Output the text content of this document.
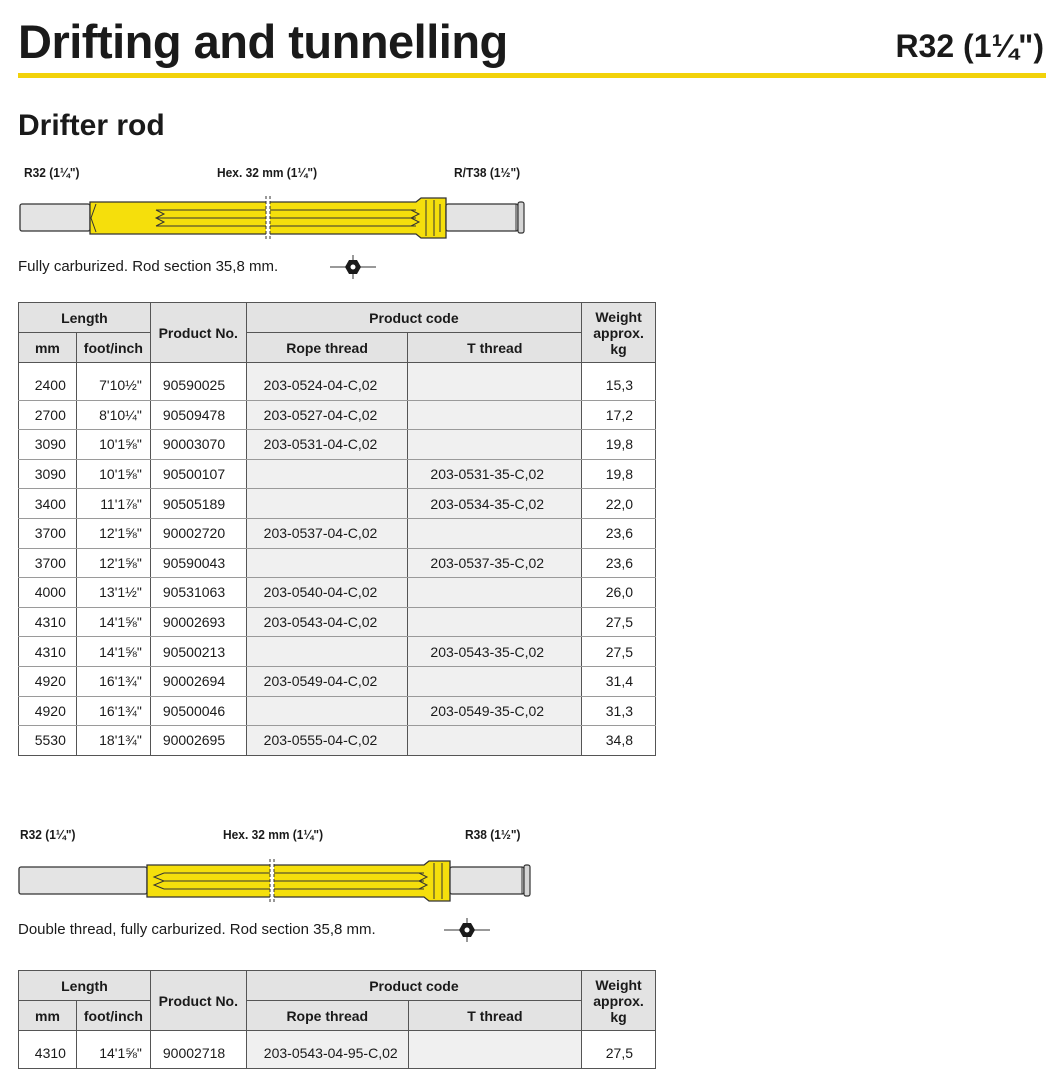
Drifting and tunnelling	R32 (1¼")
Drifter rod
R32 (1¼")	Hex. 32 mm (1¼")	R/T38 (1½")
Fully carburized. Rod section 35,8 mm.
Length		Product No.	Product code		Weight
approx. kg

mm	foot/inch		Rope thread	T thread	

2400	7'10½"	90590025	203-0524-04-C,02		15,3
2700	8'10¼"	90509478	203-0527-04-C,02		17,2
3090	10'1⅝"	90003070	203-0531-04-C,02		19,8
3090	10'1⅝"	90500107		203-0531-35-C,02	19,8
3400	11'1⅞"	90505189		203-0534-35-C,02	22,0
3700	12'1⅝"	90002720	203-0537-04-C,02		23,6
3700	12'1⅝"	90590043		203-0537-35-C,02	23,6
4000	13'1½"	90531063	203-0540-04-C,02		26,0
4310	14'1⅝"	90002693	203-0543-04-C,02		27,5
4310	14'1⅝"	90500213		203-0543-35-C,02	27,5
4920	16'1¾"	90002694	203-0549-04-C,02		31,4
4920	16'1¾"	90500046		203-0549-35-C,02	31,3
5530	18'1¾"	90002695	203-0555-04-C,02		34,8
R32 (1¼")	Hex. 32 mm (1¼")	R38 (1½")
Double thread, fully carburized. Rod section 35,8 mm.
Length		Product No.	Product code		Weight
approx. kg

mm	foot/inch		Rope thread	T thread	

4310	14'1⅝"	90002718	203-0543-04-95-C,02		27,5
